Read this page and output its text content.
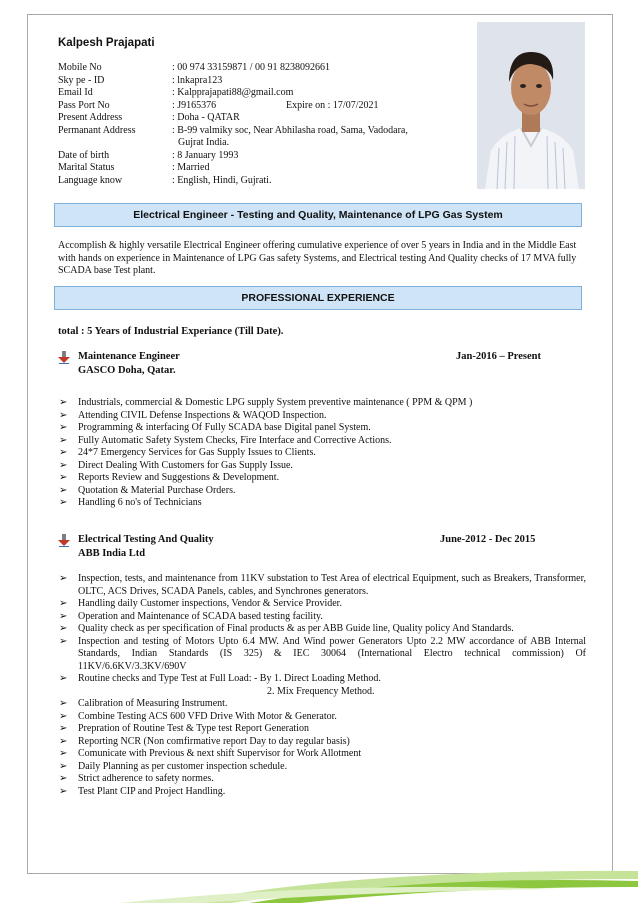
Kalpesh Prajapati
Mobile No	: 00 974 33159871 / 00 91 8238092661
Sky pe - ID	: lnkapra123
Email Id	: Kalpprajapati88@gmail.com
Pass Port No	: J9165376	Expire on : 17/07/2021
Present Address	: Doha - QATAR
Permanant Address	: B-99 valmiky soc, Near Abhilasha road, Sama, Vadodara,
Gujrat India.
Date of birth	: 8 January 1993
Marital Status	: Married
Language know	: English, Hindi, Gujrati.
Electrical Engineer - Testing and Quality, Maintenance of LPG Gas System
Accomplish & highly versatile Electrical Engineer offering cumulative experience of over 5 years in India and in the Middle East with hands on experience in Maintenance of LPG Gas safety Systems, and Electrical testing And Quality checks of 17 MVA fully SCADA base Test plant.
PROFESSIONAL EXPERIENCE
total : 5 Years of Industrial Experiance (Till Date).
Maintenance Engineer	Jan-2016 – Present
GASCO Doha, Qatar.
➢ Industrials, commercial & Domestic LPG supply System preventive maintenance ( PPM & QPM )
➢ Attending CIVIL Defense Inspections & WAQOD Inspection.
➢ Programming & interfacing Of Fully SCADA base Digital panel System.
➢ Fully Automatic Safety System Checks, Fire Interface and Corrective Actions.
➢ 24*7 Emergency Services for Gas Supply Issues to Clients.
➢ Direct Dealing With Customers for Gas Supply Issue.
➢ Reports Review and Suggestions & Development.
➢ Quotation & Material Purchase Orders.
➢ Handling 6 no's of Technicians
Electrical Testing And Quality	June-2012 - Dec 2015
ABB India Ltd
➢ Inspection, tests, and maintenance from 11KV substation to Test Area of electrical Equipment, such as Breakers, Transformer, OLTC, ACS Drives, SCADA Panels, cables, and Synchrones generators.
➢ Handling daily Customer inspections, Vendor & Service Provider.
➢ Operation and Maintenance of SCADA based testing facility.
➢ Quality check as per specification of Final products & as per ABB Guide line, Quality policy And Standards.
➢ Inspection and testing of Motors Upto 6.4 MW. And Wind power Generators Upto 2.2 MW accordance of ABB Internal Standards, Indian Standards (IS 325) & IEC 30064 (International Electro technical commission) Of 11KV/6.6KV/3.3KV/690V
➢ Routine checks and Type Test at Full Load: - By 1. Direct Loading Method.
2. Mix Frequency Method.
➢ Calibration of Measuring Instrument.
➢ Combine Testing ACS 600 VFD Drive With Motor & Generator.
➢ Prepration of Routine Test & Type test Report Generation
➢ Reporting NCR (Non comfirmative report Day to day regular basis)
➢ Comunicate with Previous & next shift Supervisor for Work Allotment
➢ Daily Planning as per customer inspection schedule.
➢ Strict adherence to safety normes.
➢ Test Plant CIP and Project Handling.
